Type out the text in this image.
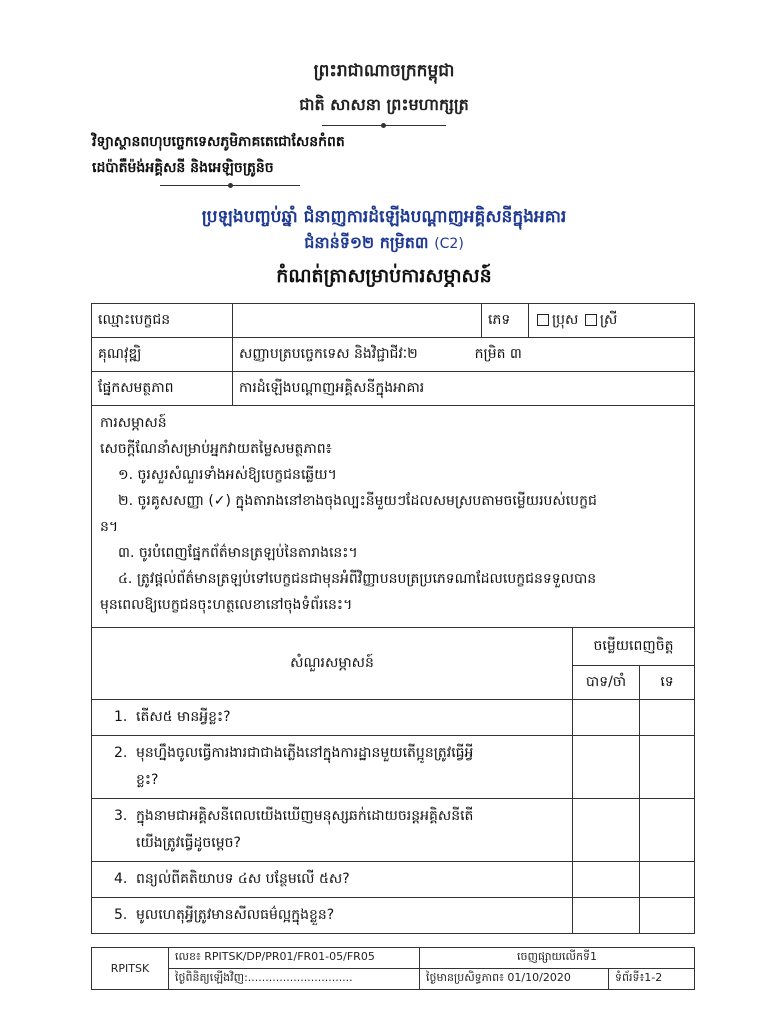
ព្រះរាជាណាចក្រកម្ពុជា
ជាតិ សាសនា ព្រះមហាក្សត្រ
វិទ្យាស្ថានពហុបច្ចេកទេសភូមិភាគតេជោសែនកំពត
ដេប៉ាតឺម៉ង់អគ្គិសនី និងអេឡិចត្រូនិច
ប្រឡងបញ្ចប់ឆ្នាំ ជំនាញការដំឡើងបណ្តាញអគ្គិសនីក្នុងអគារ
ជំនាន់ទី១២ កម្រិត៣ (C2)
កំណត់ត្រាសម្រាប់ការសម្ភាសន៍
ឈ្មោះបេក្ខជន		ភេទ	ប្រុស ស្រី
គុណវុឌ្ឍិ	សញ្ញាបត្របច្ចេកទេស និងវិជ្ជាជីវៈ២ កម្រិត ៣		
ផ្នែកសមត្ថភាព	ការដំឡើងបណ្តាញអគ្គិសនីក្នុងអាគារ		
ការសម្ភាសន៍
សេចក្តីណែនាំសម្រាប់អ្នកវាយតម្លៃសមត្ថភាព៖
១. ចូរសួរសំណួរទាំងអស់ឱ្យបេក្ខជនឆ្លើយ។
២. ចូរគូសសញ្ញា (✓) ក្នុងតារាងនៅខាងចុងល្បះនីមួយៗដែលសមស្របតាមចម្លើយរបស់បេក្ខជ
ន។
៣. ចូរបំពេញផ្នែកព័ត៌មានត្រឡប់នៃតារាងនេះ។
៤. ត្រូវផ្តល់ព័ត៌មានត្រឡប់ទៅបេក្ខជនជាមុនអំពីវិញ្ញាបនបត្រប្រភេទណាដែលបេក្ខជនទទួលបាន
មុនពេលឱ្យបេក្ខជនចុះហត្ថលេខានៅចុងទំព័រនេះ។
សំណួរសម្ភាសន៍	ចម្លើយពេញចិត្ត	
	បាទ/ចាំ	ទេ
1. តើស៥ មានអ្វីខ្លះ?		
2. មុនហ្នឹងចូលធ្វើការងារជាជាងភ្លើងនៅក្នុងការដ្ឋានមួយតើប្អូនត្រូវធ្វើអ្វី
ខ្លះ?		
3. ក្នុងនាមជាអគ្គិសនីពេលយើងឃើញមនុស្សឆក់ដោយចរន្តអគ្គិសនីតើ
យើងត្រូវធ្វើដូចម្តេច?		
4. ពន្យល់ពីគតិយាបទ ៤ស បន្ថែមលើ ៥ស?		
5. មូលហេតុអ្វីត្រូវមានសីលធម៌ល្អក្នុងខ្លួន?		
RPITSK	លេខ៖ RPITSK/DP/PR01/FR01-05/FR05	ចេញផ្សាយលើកទី1	
	ថ្ងៃពិនិត្យឡើងវិញ:..............................	ថ្ងៃមានប្រសិទ្ធភាព៖ 01/10/2020	ទំព័រទី៖1-2
